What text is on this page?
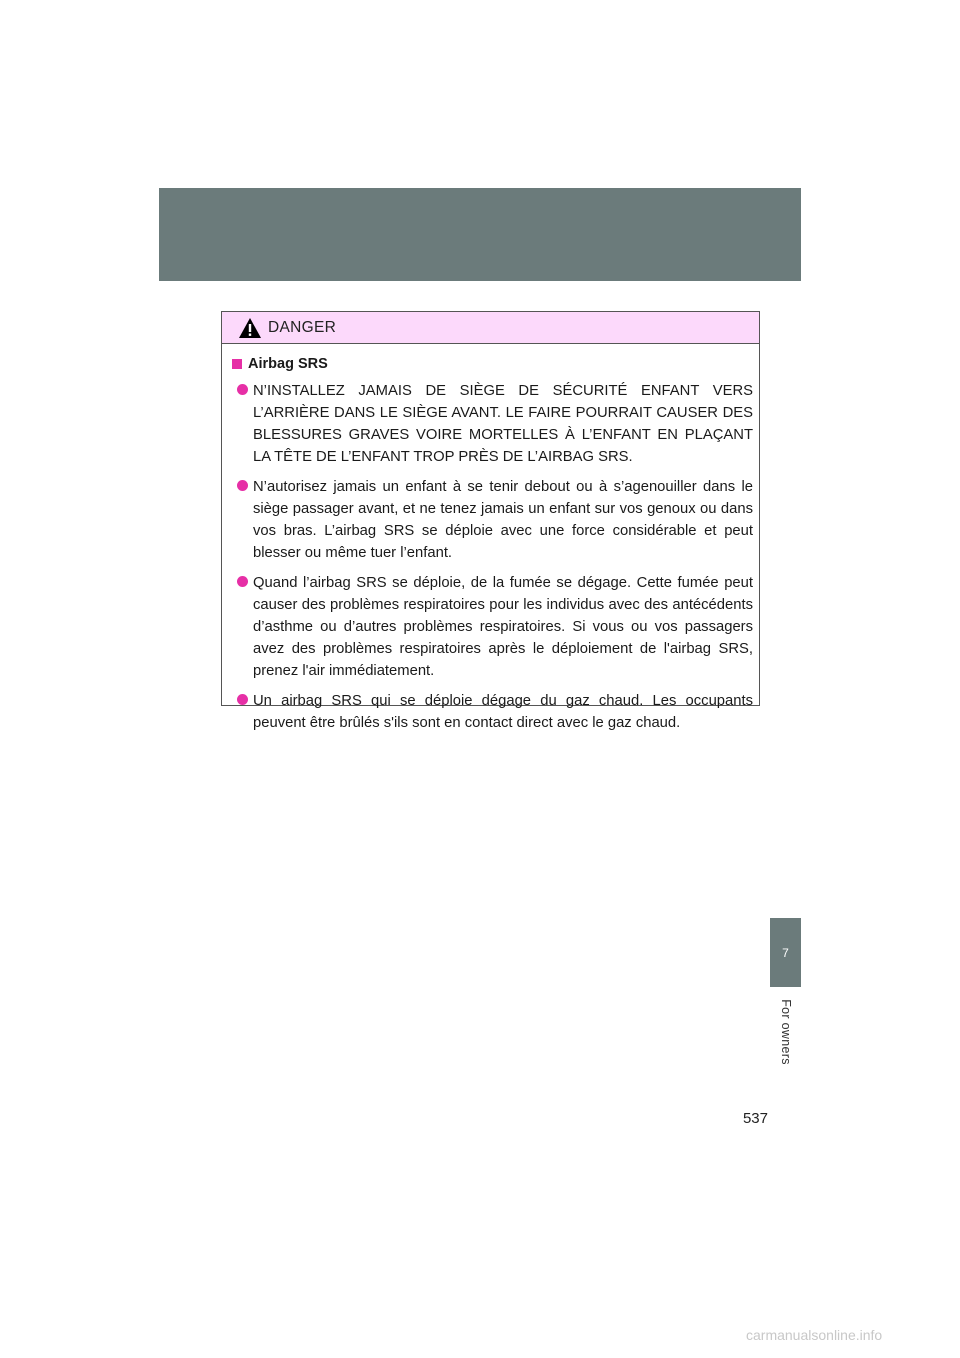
DANGER
Airbag SRS

N’INSTALLEZ JAMAIS DE SIÈGE DE SÉCURITÉ ENFANT VERS L’ARRIÈRE DANS LE SIÈGE AVANT. LE FAIRE POURRAIT CAUSER DES BLESSURES GRAVES VOIRE MORTELLES À L’ENFANT EN PLAÇANT LA TÊTE DE L’ENFANT TROP PRÈS DE L’AIRBAG SRS.

N’autorisez jamais un enfant à se tenir debout ou à s’agenouiller dans le siège passager avant, et ne tenez jamais un enfant sur vos genoux ou dans vos bras. L’airbag SRS se déploie avec une force considérable et peut blesser ou même tuer l’enfant.

Quand l’airbag SRS se déploie, de la fumée se dégage. Cette fumée peut causer des problèmes respiratoires pour les individus avec des antécédents d’asthme ou d’autres problèmes respiratoires. Si vous ou vos passagers avez des problèmes respiratoires après le déploiement de l'airbag SRS, prenez l'air immédiatement.

Un airbag SRS qui se déploie dégage du gaz chaud. Les occupants peuvent être brûlés s'ils sont en contact direct avec le gaz chaud.

7
For owners
537
carmanualsonline.info
